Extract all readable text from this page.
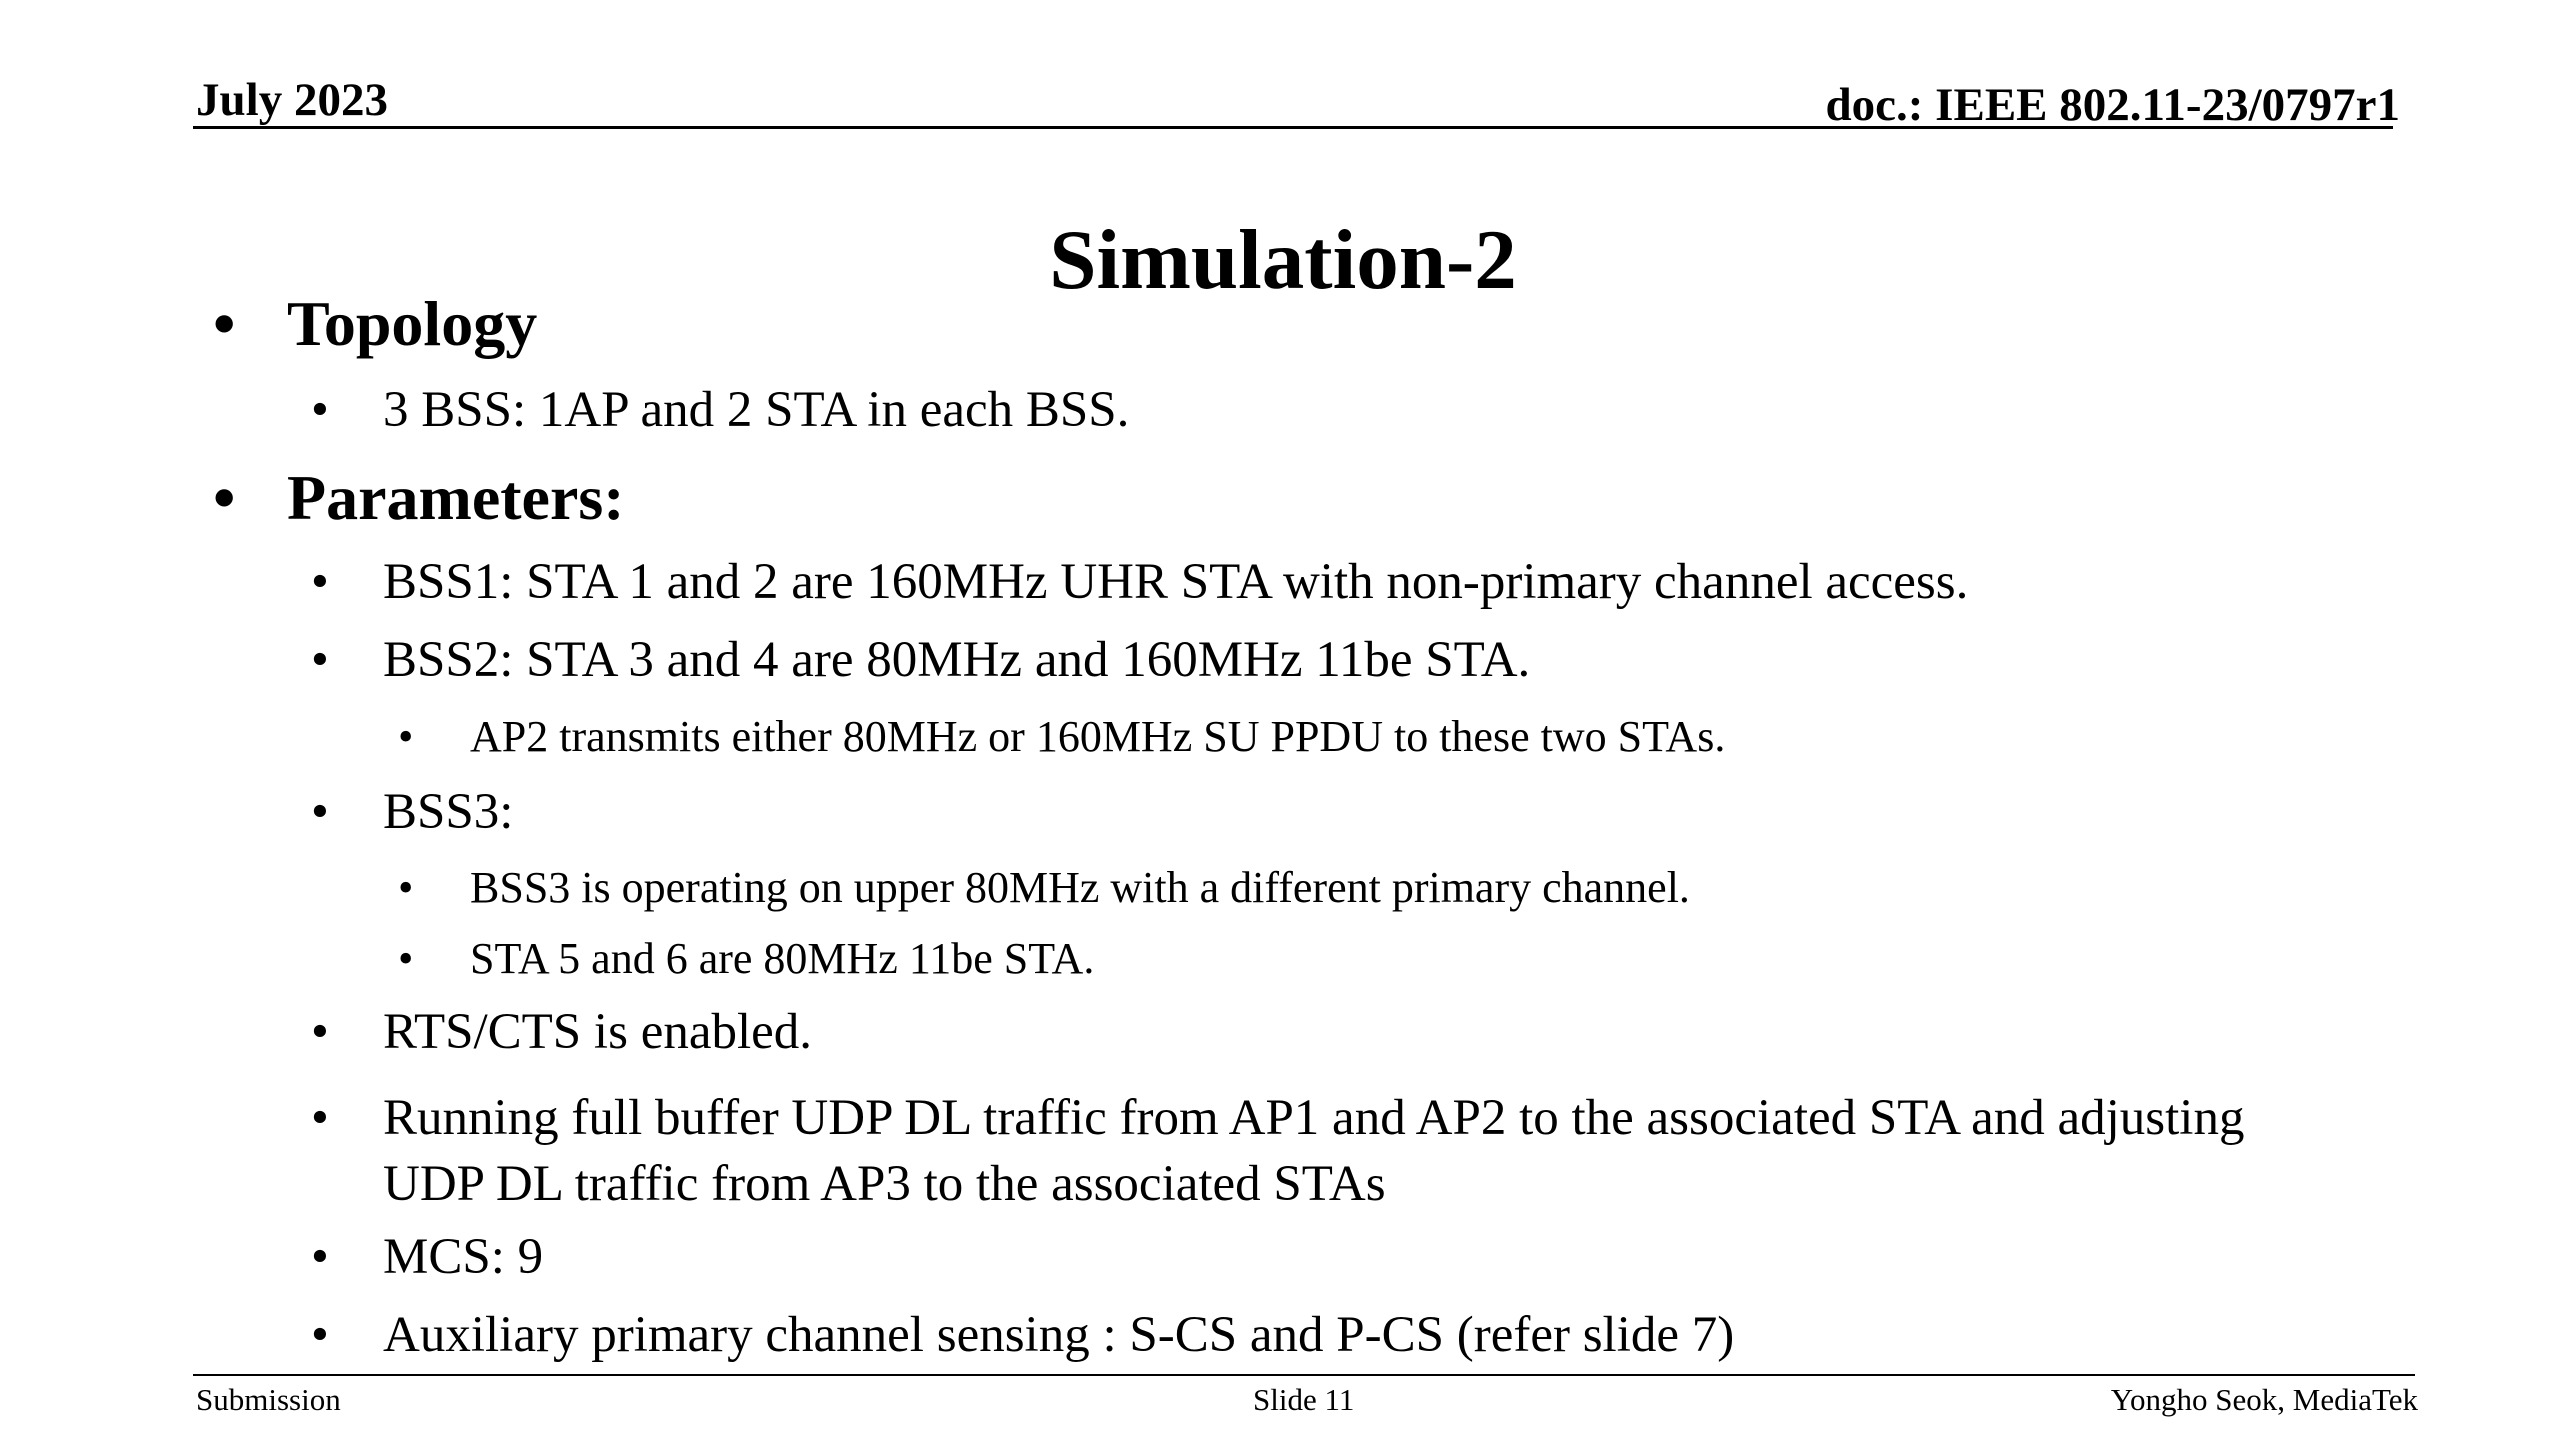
July 2023	doc.: IEEE 802.11-23/0797r1
Simulation-2
• Topology
• 3 BSS: 1AP and 2 STA in each BSS.
• Parameters:
• BSS1: STA 1 and 2 are 160MHz UHR STA with non-primary channel access.
• BSS2: STA 3 and 4 are 80MHz and 160MHz 11be STA.
• AP2 transmits either 80MHz or 160MHz SU PPDU to these two STAs.
• BSS3:
• BSS3 is operating on upper 80MHz with a different primary channel.
• STA 5 and 6 are 80MHz 11be STA.
• RTS/CTS is enabled.
• Running full buffer UDP DL traffic from AP1 and AP2 to the associated STA and adjusting
UDP DL traffic from AP3 to the associated STAs
• MCS: 9
• Auxiliary primary channel sensing : S-CS and P-CS (refer slide 7)
Submission	Slide 11	Yongho Seok, MediaTek
